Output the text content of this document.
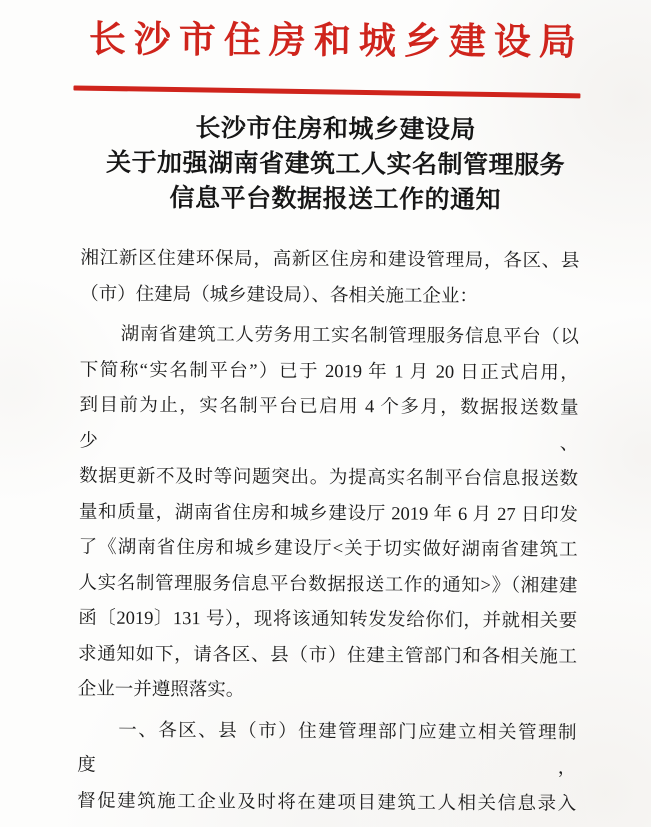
长沙市住房和城乡建设局
长沙市住房和城乡建设局
关于加强湖南省建筑工人实名制管理服务
信息平台数据报送工作的通知
湘江新区住建环保局，高新区住房和建设管理局，各区、县
（市）住建局（城乡建设局）、各相关施工企业：
湖南省建筑工人劳务用工实名制管理服务信息平台（以
下简称“实名制平台”）已于 2019 年 1 月 20 日正式启用，
到目前为止，实名制平台已启用 4 个多月，数据报送数量少、
数据更新不及时等问题突出。为提高实名制平台信息报送数
量和质量，湖南省住房和城乡建设厅 2019 年 6 月 27 日印发
了《湖南省住房和城乡建设厅<关于切实做好湖南省建筑工
人实名制管理服务信息平台数据报送工作的通知>》（湘建建
函〔2019〕131 号），现将该通知转发发给你们，并就相关要
求通知如下，请各区、县（市）住建主管部门和各相关施工
企业一并遵照落实。
一、各区、县（市）住建管理部门应建立相关管理制度，
督促建筑施工企业及时将在建项目建筑工人相关信息录入
